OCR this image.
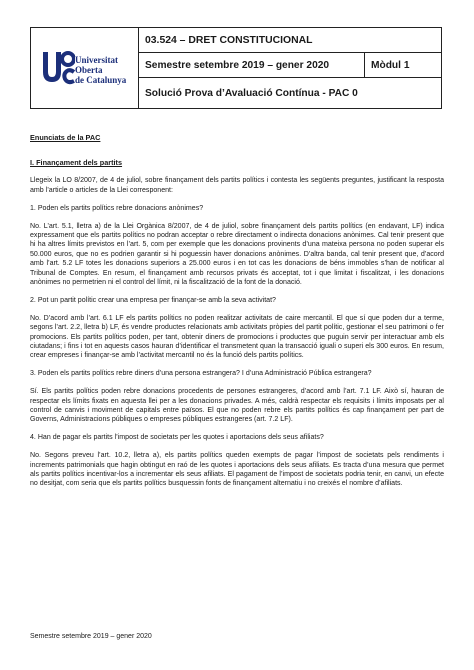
Universitat Oberta
de Catalunya
03.524 – DRET CONSTITUCIONAL
Semestre setembre 2019 – gener 2020	Mòdul 1
Solució Prova d’Avaluació Contínua - PAC 0

Enunciats de la PAC

I. Finançament dels partits

Llegeix la LO 8/2007, de 4 de juliol, sobre finançament dels partits polítics i contesta les següents preguntes, justificant la resposta amb l’article o articles de la Llei corresponent:

1. Poden els partits polítics rebre donacions anònimes?

No. L’art. 5.1, lletra a) de la Llei Orgànica 8/2007, de 4 de juliol, sobre finançament dels partits polítics (en endavant, LF) indica expressament que els partits polítics no podran acceptar o rebre directament o indirecta donacions anònimes. Cal tenir present que hi ha altres límits previstos en l’art. 5, com per exemple que les donacions provinents d’una mateixa persona no poden superar els 50.000 euros, que no es podrien garantir si hi poguessin haver donacions anònimes. D’altra banda, cal tenir present que, d’acord amb l’art. 5.2 LF totes les donacions superiors a 25.000 euros i en tot cas les donacions de béns immobles s’han de notificar al Tribunal de Comptes. En resum, el finançament amb recursos privats és acceptat, tot i que limitat i fiscalitzat, i les donacions anònimes no permetrien ni el control del límit, ni la fiscalització de la font de la donació.

2. Pot un partit polític crear una empresa per finançar-se amb la seva activitat?

No. D’acord amb l’art. 6.1 LF els partits polítics no poden realitzar activitats de caire mercantil. El que sí que poden dur a terme, segons l’art. 2.2, lletra b) LF, és vendre productes relacionats amb activitats pròpies del partit polític, gestionar el seu patrimoni o fer promocions. Els partits polítics poden, per tant, obtenir diners de promocions i productes que puguin servir per interactuar amb els ciutadans; i fins i tot en aquests casos hauran d’identificar el transmetent quan la transacció iguali o superi els 300 euros. En resum, crear empreses i finançar-se amb l’activitat mercantil no és la funció dels partits polítics.

3. Poden els partits polítics rebre diners d’una persona estrangera? I d’una Administració Pública estrangera?

Sí. Els partits polítics poden rebre donacions procedents de persones estrangeres, d’acord amb l’art. 7.1 LF. Això sí, hauran de respectar els límits fixats en aquesta llei per a les donacions privades. A més, caldrà respectar els requisits i límits imposats per al control de canvis i moviment de capitals entre països. El que no poden rebre els partits polítics és cap finançament per part de Governs, Administracions públiques o empreses públiques estrangeres (art. 7.2 LF).

4. Han de pagar els partits l’impost de societats per les quotes i aportacions dels seus afiliats?

No. Segons preveu l’art. 10.2, lletra a), els partits polítics queden exempts de pagar l’impost de societats pels rendiments i increments patrimonials que hagin obtingut en raó de les quotes i aportacions dels seus afiliats. Es tracta d’una mesura que permet als partits polítics incentivar-los a incrementar els seus afiliats. El pagament de l’impost de societats podria tenir, en canvi, un efecte no desitjat, com seria que els partits polítics busquessin fonts de finançament alternatiu i no creixés el nombre d’afiliats.

Semestre setembre 2019 – gener 2020
